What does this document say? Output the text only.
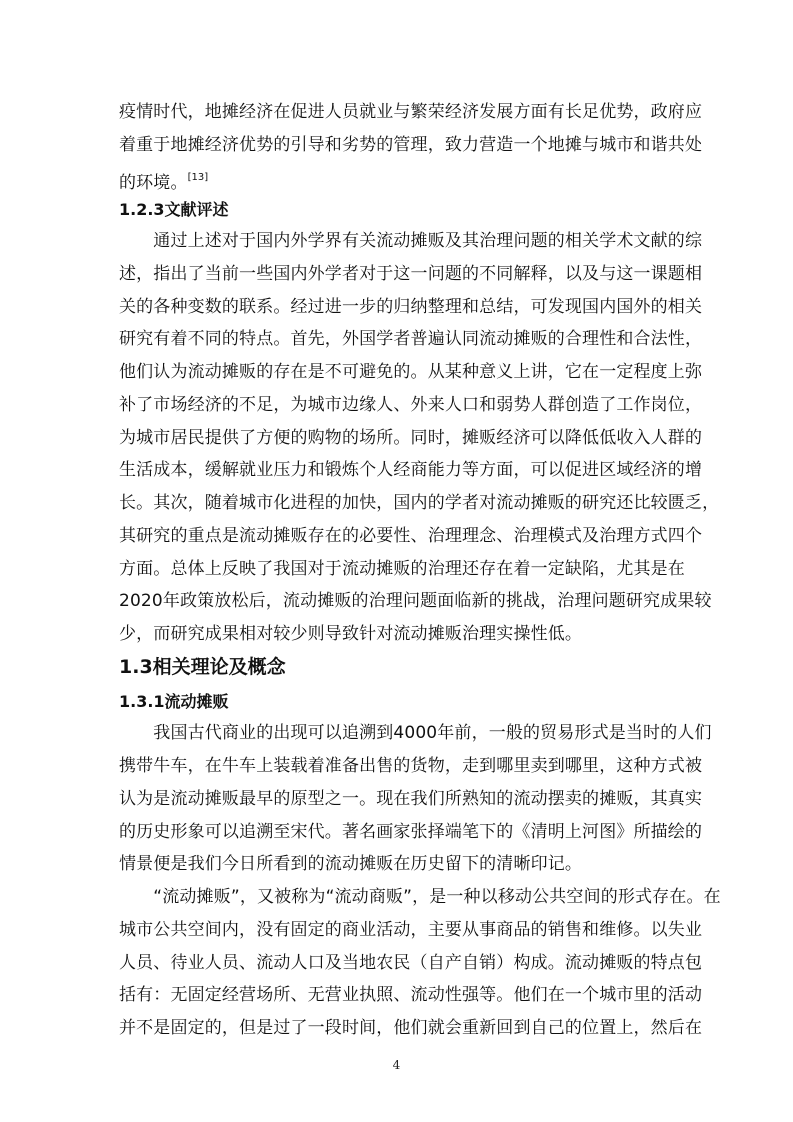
疫情时代，地摊经济在促进人员就业与繁荣经济发展方面有长足优势，政府应
着重于地摊经济优势的引导和劣势的管理，致力营造一个地摊与城市和谐共处
的环境。[13]
1.2.3文献评述
　　通过上述对于国内外学界有关流动摊贩及其治理问题的相关学术文献的综
述，指出了当前一些国内外学者对于这一问题的不同解释，以及与这一课题相
关的各种变数的联系。经过进一步的归纳整理和总结，可发现国内国外的相关
研究有着不同的特点。首先，外国学者普遍认同流动摊贩的合理性和合法性，
他们认为流动摊贩的存在是不可避免的。从某种意义上讲，它在一定程度上弥
补了市场经济的不足，为城市边缘人、外来人口和弱势人群创造了工作岗位，
为城市居民提供了方便的购物的场所。同时，摊贩经济可以降低低收入人群的
生活成本，缓解就业压力和锻炼个人经商能力等方面，可以促进区域经济的增
长。其次，随着城市化进程的加快，国内的学者对流动摊贩的研究还比较匮乏，
其研究的重点是流动摊贩存在的必要性、治理理念、治理模式及治理方式四个
方面。总体上反映了我国对于流动摊贩的治理还存在着一定缺陷，尤其是在
2020年政策放松后，流动摊贩的治理问题面临新的挑战，治理问题研究成果较
少，而研究成果相对较少则导致针对流动摊贩治理实操性低。
1.3相关理论及概念
1.3.1流动摊贩
　　我国古代商业的出现可以追溯到4000年前，一般的贸易形式是当时的人们
携带牛车，在牛车上装载着准备出售的货物，走到哪里卖到哪里，这种方式被
认为是流动摊贩最早的原型之一。现在我们所熟知的流动摆卖的摊贩，其真实
的历史形象可以追溯至宋代。著名画家张择端笔下的《清明上河图》所描绘的
情景便是我们今日所看到的流动摊贩在历史留下的清晰印记。
　　“流动摊贩”，又被称为“流动商贩”，是一种以移动公共空间的形式存在。在
城市公共空间内，没有固定的商业活动，主要从事商品的销售和维修。以失业
人员、待业人员、流动人口及当地农民（自产自销）构成。流动摊贩的特点包
括有：无固定经营场所、无营业执照、流动性强等。他们在一个城市里的活动
并不是固定的，但是过了一段时间，他们就会重新回到自己的位置上，然后在
4
